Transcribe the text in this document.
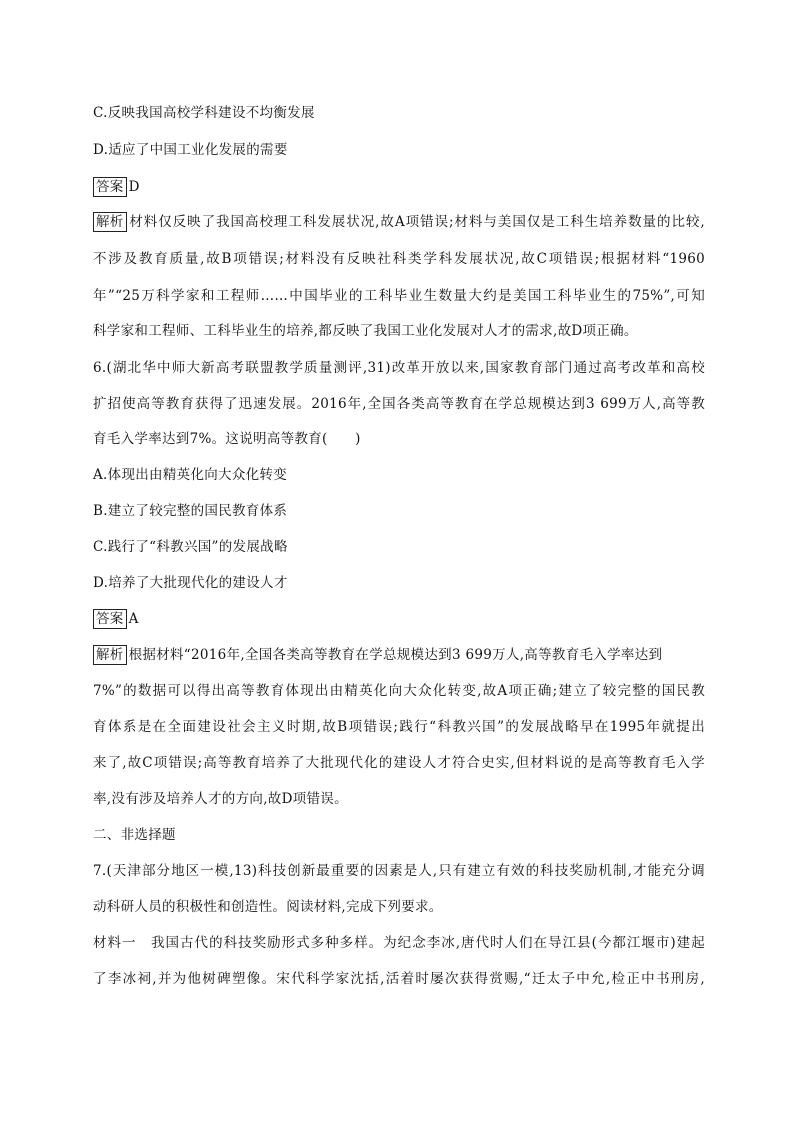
C.反映我国高校学科建设不均衡发展
D.适应了中国工业化发展的需要
答案 D
解析 材料仅反映了我国高校理工科发展状况,故A项错误;材料与美国仅是工科生培养数量的比较,
不涉及教育质量,故B项错误;材料没有反映社科类学科发展状况,故C项错误;根据材料“1960
年”“25万科学家和工程师……中国毕业的工科毕业生数量大约是美国工科毕业生的75%”,可知
科学家和工程师、工科毕业生的培养,都反映了我国工业化发展对人才的需求,故D项正确。
6.(湖北华中师大新高考联盟教学质量测评,31)改革开放以来,国家教育部门通过高考改革和高校
扩招使高等教育获得了迅速发展。2016年,全国各类高等教育在学总规模达到3 699万人,高等教
育毛入学率达到7%。这说明高等教育(　　)
A.体现出由精英化向大众化转变
B.建立了较完整的国民教育体系
C.践行了“科教兴国”的发展战略
D.培养了大批现代化的建设人才
答案 A
解析 根据材料“2016年,全国各类高等教育在学总规模达到3 699万人,高等教育毛入学率达到
7%”的数据可以得出高等教育体现出由精英化向大众化转变,故A项正确;建立了较完整的国民教
育体系是在全面建设社会主义时期,故B项错误;践行“科教兴国”的发展战略早在1995年就提出
来了,故C项错误;高等教育培养了大批现代化的建设人才符合史实,但材料说的是高等教育毛入学
率,没有涉及培养人才的方向,故D项错误。
二、非选择题
7.(天津部分地区一模,13)科技创新最重要的因素是人,只有建立有效的科技奖励机制,才能充分调
动科研人员的积极性和创造性。阅读材料,完成下列要求。
材料一　我国古代的科技奖励形式多种多样。为纪念李冰,唐代时人们在导江县(今都江堰市)建起
了李冰祠,并为他树碑塑像。宋代科学家沈括,活着时屡次获得赏赐,“迁太子中允,检正中书刑房,
